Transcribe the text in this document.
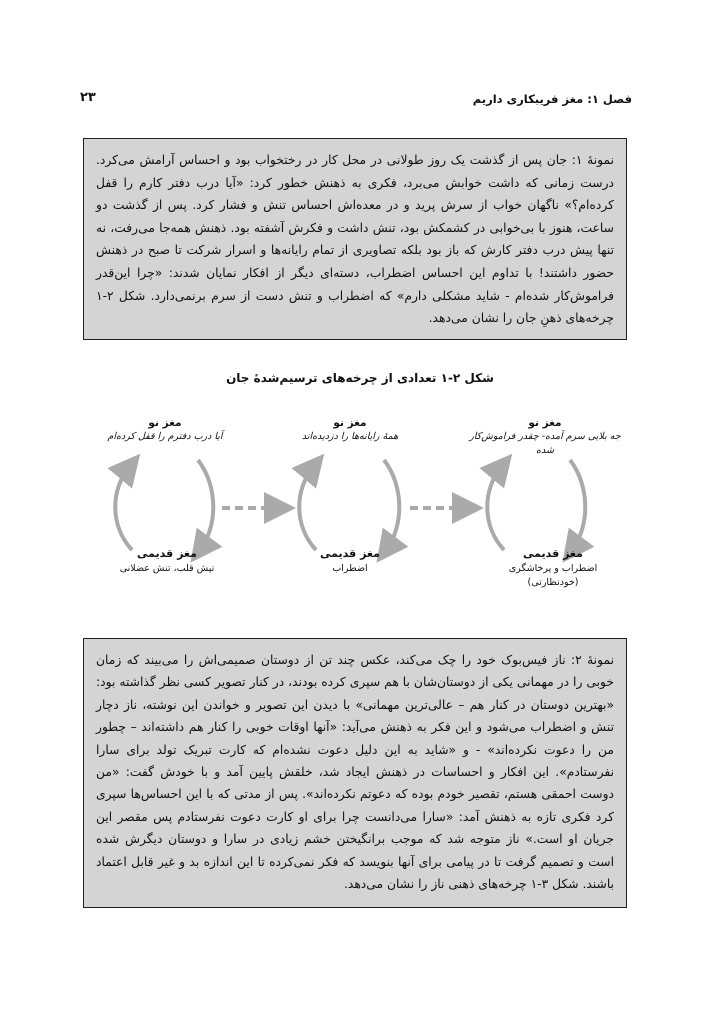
فصل ۱: مغز فریبکاری داریم
۲۳

نمونهٔ ۱: جان پس از گذشت یک روز طولانی در محل کار در رختخواب بود و احساس آرامش می‌کرد. درست زمانی که داشت خوابش می‌برد، فکری به ذهنش خطور کرد: «آیا درب دفتر کارم را قفل کرده‌ام؟» ناگهان خواب از سرش پرید و در معده‌اش احساس تنش و فشار کرد. پس از گذشت دو ساعت، هنوز با بی‌خوابی در کشمکش بود، تنش داشت و فکرش آشفته بود. ذهنش همه‌جا می‌رفت، نه تنها پیش درب دفتر کارش که باز بود بلکه تصاویری از تمام رایانه‌ها و اسرار شرکت تا صبح در ذهنش حضور داشتند! با تداوم این احساس اضطراب، دسته‌ای دیگر از افکار نمایان شدند: «چرا این‌قدر فراموش‌کار شده‌ام - شاید مشکلی دارم» که اضطراب و تنش دست از سرم برنمی‌دارد. شکل ۲-۱ چرخه‌های ذهنِ جان را نشان می‌دهد.

شکل ۲-۱ تعدادی از چرخه‌های ترسیم‌شدهٔ جان
مغز نو
جه بلایی سرم آمده- چقدر فراموش‌کار شده
مغز قدیمی
اضطراب و پرخاشگری
(خودنظارتی)
مغز نو
همهٔ رایانه‌ها را دزدیده‌اند
مغز قدیمی
اضطراب
مغز نو
آیا درب دفترم را قفل کرده‌ام
مغز قدیمی
تپش قلب، تنش عضلانی

نمونهٔ ۲: ناز فیس‌بوک خود را چک می‌کند، عکس چند تن از دوستان صمیمی‌اش را می‌بیند که زمان خوبی را در مهمانی یکی از دوستان‌شان با هم سپری کرده بودند، در کنار تصویر کسی نظر گذاشته بود: «بهترین دوستان در کنار هم – عالی‌ترین مهمانی» با دیدن این تصویر و خواندن این نوشته، ناز دچار تنش و اضطراب می‌شود و این فکر به ذهنش می‌آید: «آنها اوقات خوبی را کنار هم داشته‌اند – چطور من را دعوت نکرده‌اند» - و «شاید به این دلیل دعوت نشده‌ام که کارت تبریک تولد برای سارا نفرستادم». این افکار و احساسات در ذهنش ایجاد شد، خلقش پایین آمد و با خودش گفت: «من دوست احمقی هستم، تقصیر خودم بوده که دعوتم نکرده‌اند». پس از مدتی که با این احساس‌ها سپری کرد فکری تازه به ذهنش آمد: «سارا می‌دانست چرا برای او کارت دعوت نفرستادم پس مقصر این جریان او است.» ناز متوجه شد که موجب برانگیختن خشم زیادی در سارا و دوستان دیگرش شده است و تصمیم گرفت تا در پیامی برای آنها بنویسد که فکر نمی‌کرده تا این اندازه بد و غیر قابل اعتماد باشند. شکل ۳-۱ چرخه‌های ذهنی ناز را نشان می‌دهد.
